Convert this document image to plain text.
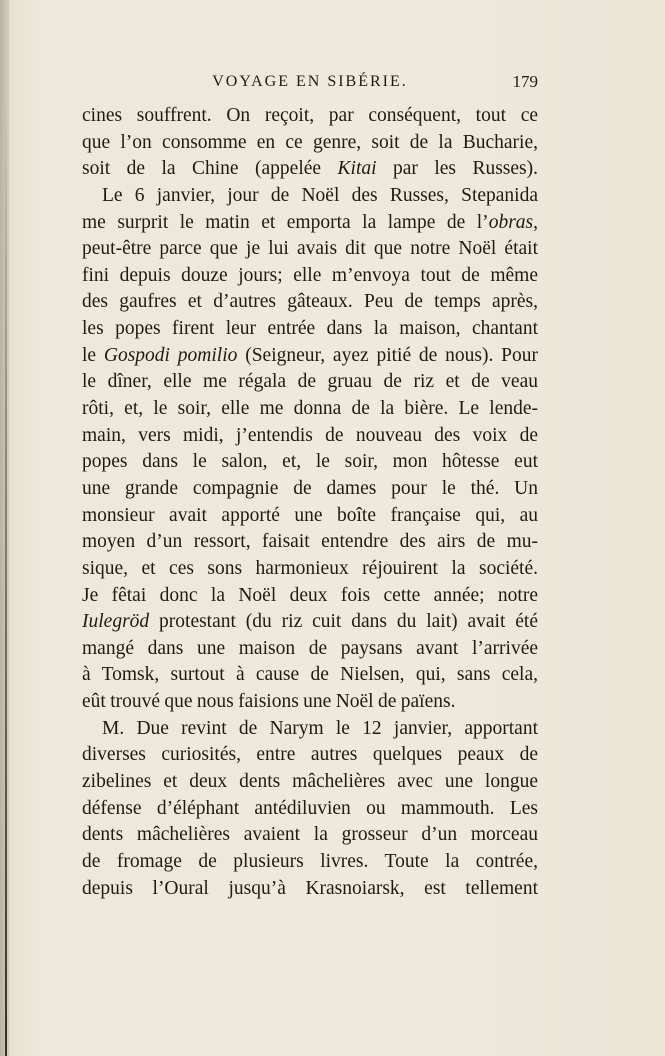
VOYAGE EN SIBÉRIE.	179
cines souffrent. On reçoit, par conséquent, tout ce
que l’on consomme en ce genre, soit de la Bucharie,
soit de la Chine (appelée Kitai par les Russes).
Le 6 janvier, jour de Noël des Russes, Stepanida
me surprit le matin et emporta la lampe de l’obras,
peut-être parce que je lui avais dit que notre Noël était
fini depuis douze jours; elle m’envoya tout de même
des gaufres et d’autres gâteaux. Peu de temps après,
les popes firent leur entrée dans la maison, chantant
le Gospodi pomilio (Seigneur, ayez pitié de nous). Pour
le dîner, elle me régala de gruau de riz et de veau
rôti, et, le soir, elle me donna de la bière. Le lende-
main, vers midi, j’entendis de nouveau des voix de
popes dans le salon, et, le soir, mon hôtesse eut
une grande compagnie de dames pour le thé. Un
monsieur avait apporté une boîte française qui, au
moyen d’un ressort, faisait entendre des airs de mu-
sique, et ces sons harmonieux réjouirent la société.
Je fêtai donc la Noël deux fois cette année; notre
Iulegröd protestant (du riz cuit dans du lait) avait été
mangé dans une maison de paysans avant l’arrivée
à Tomsk, surtout à cause de Nielsen, qui, sans cela,
eût trouvé que nous faisions une Noël de païens.
M. Due revint de Narym le 12 janvier, apportant
diverses curiosités, entre autres quelques peaux de
zibelines et deux dents mâchelières avec une longue
défense d’éléphant antédiluvien ou mammouth. Les
dents mâchelières avaient la grosseur d’un morceau
de fromage de plusieurs livres. Toute la contrée,
depuis l’Oural jusqu’à Krasnoiarsk, est tellement
